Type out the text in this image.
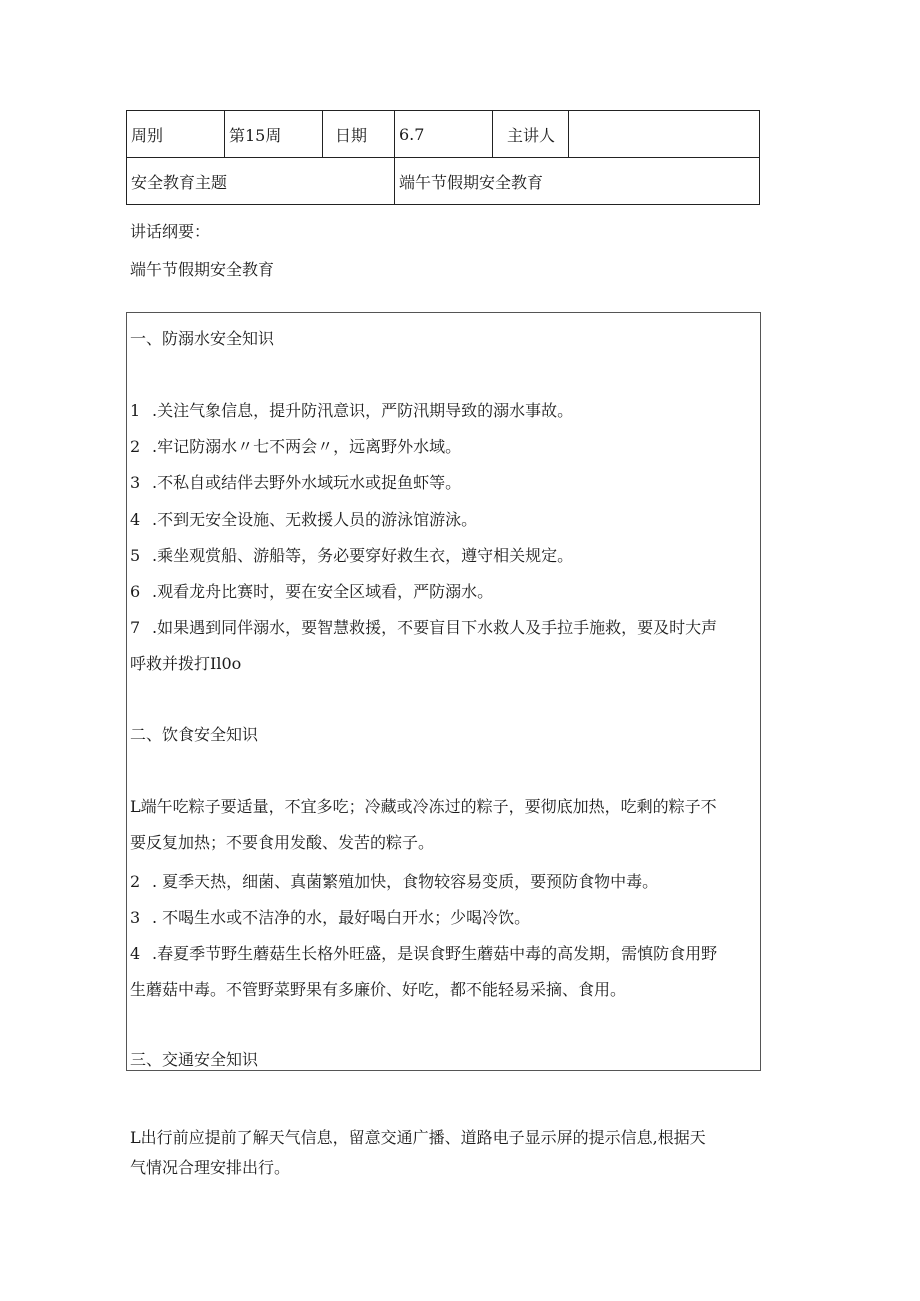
周别	第15周	日期	6.7	主讲人	
安全教育主题			端午节假期安全教育		
讲话纲要：
端午节假期安全教育
一、防溺水安全知识
1 .关注气象信息，提升防汛意识，严防汛期导致的溺水事故。
2 .牢记防溺水〃七不两会〃，远离野外水域。
3 .不私自或结伴去野外水域玩水或捉鱼虾等。
4 .不到无安全设施、无救援人员的游泳馆游泳。
5 .乘坐观赏船、游船等，务必要穿好救生衣，遵守相关规定。
6 .观看龙舟比赛时，要在安全区域看，严防溺水。
7 .如果遇到同伴溺水，要智慧救援，不要盲目下水救人及手拉手施救，要及时大声
呼救并拨打Il0o
二、饮食安全知识
L端午吃粽子要适量，不宜多吃；冷藏或冷冻过的粽子，要彻底加热，吃剩的粽子不
要反复加热；不要食用发酸、发苦的粽子。
2 . 夏季天热，细菌、真菌繁殖加快，食物较容易变质，要预防食物中毒。
3 . 不喝生水或不洁净的水，最好喝白开水；少喝冷饮。
4 .春夏季节野生蘑菇生长格外旺盛，是误食野生蘑菇中毒的高发期，需慎防食用野
生蘑菇中毒。不管野菜野果有多廉价、好吃，都不能轻易采摘、食用。
三、交通安全知识
L出行前应提前了解天气信息，留意交通广播、道路电子显示屏的提示信息,根据天
气情况合理安排出行。
